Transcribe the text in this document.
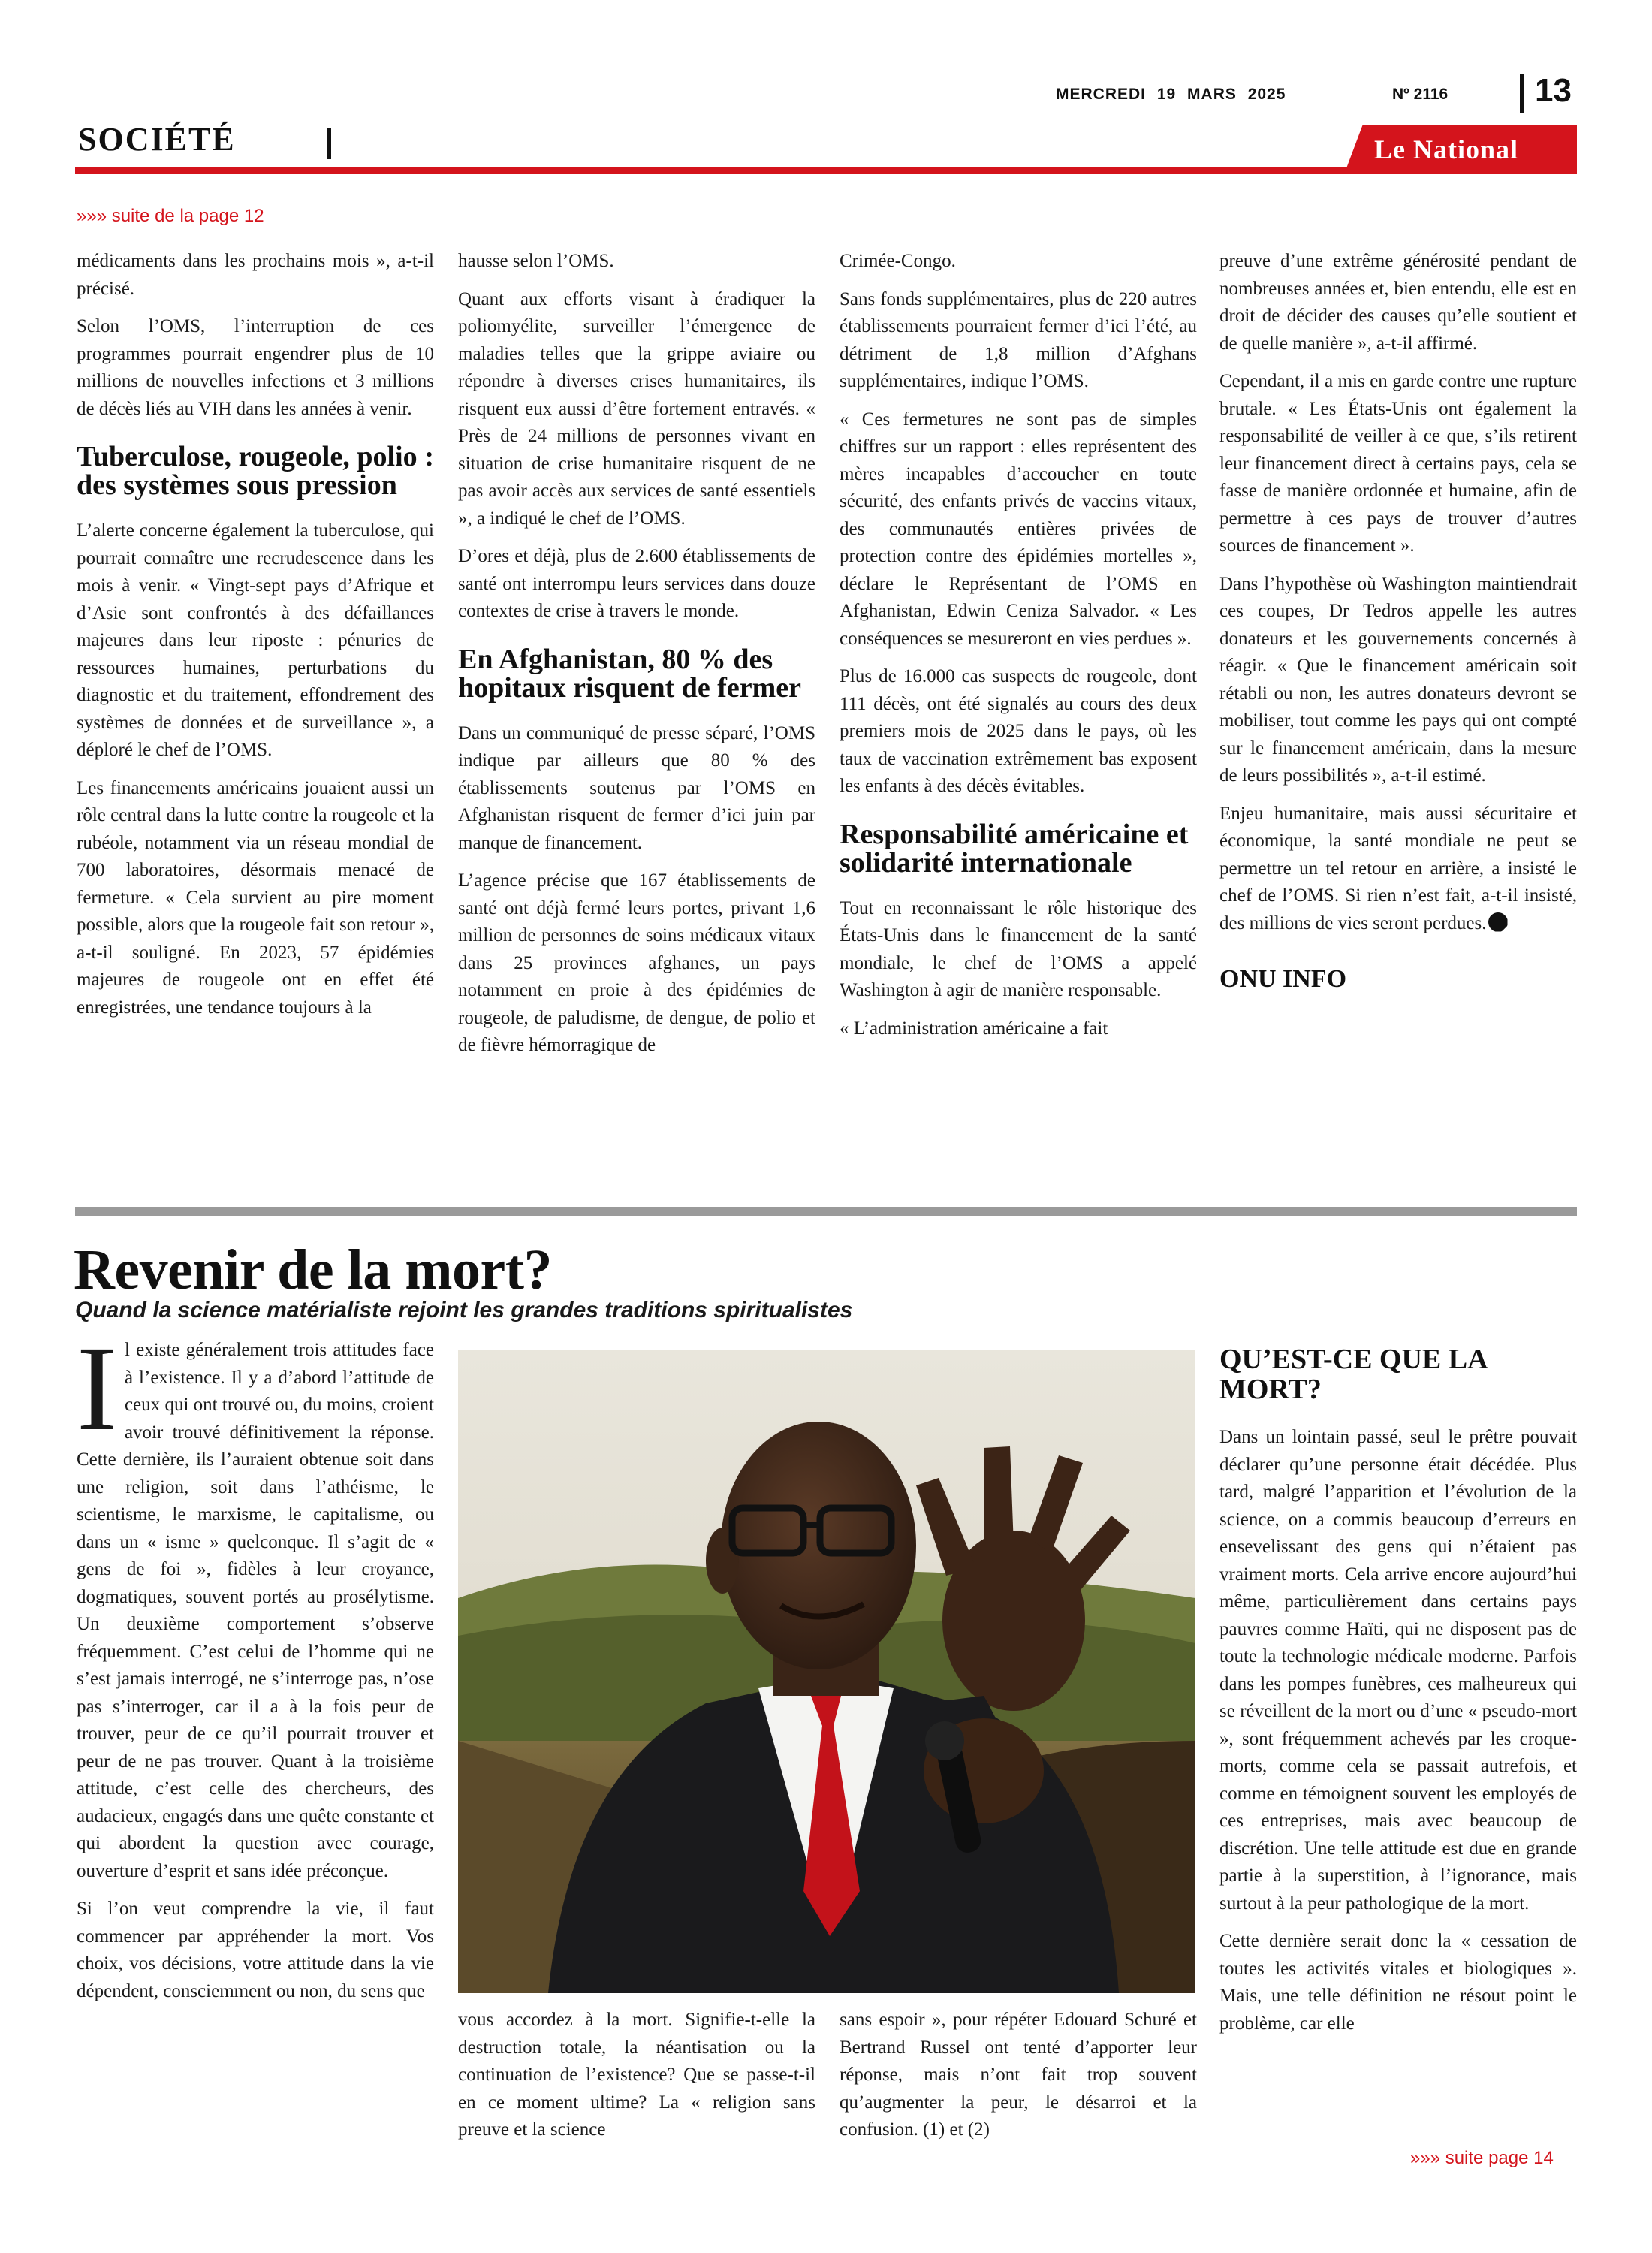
MERCREDI 19 MARS 2025	Nº 2116	13
SOCIÉTÉ	Le National
»»» suite de la page 12

médicaments dans les prochains mois », a-t-il précisé.

Selon l’OMS, l’interruption de ces programmes pourrait engendrer plus de 10 millions de nouvelles infections et 3 millions de décès liés au VIH dans les années à venir.

Tuberculose, rougeole, polio : des systèmes sous pression

L’alerte concerne également la tuberculose, qui pourrait connaître une recrudescence dans les mois à venir. « Vingt-sept pays d’Afrique et d’Asie sont confrontés à des défaillances majeures dans leur riposte : pénuries de ressources humaines, perturbations du diagnostic et du traitement, effondrement des systèmes de données et de surveillance », a déploré le chef de l’OMS.

Les financements américains jouaient aussi un rôle central dans la lutte contre la rougeole et la rubéole, notamment via un réseau mondial de 700 laboratoires, désormais menacé de fermeture. « Cela survient au pire moment possible, alors que la rougeole fait son retour », a-t-il souligné. En 2023, 57 épidémies majeures de rougeole ont en effet été enregistrées, une tendance toujours à la

hausse selon l’OMS.

Quant aux efforts visant à éradiquer la poliomyélite, surveiller l’émergence de maladies telles que la grippe aviaire ou répondre à diverses crises humanitaires, ils risquent eux aussi d’être fortement entravés. « Près de 24 millions de personnes vivant en situation de crise humanitaire risquent de ne pas avoir accès aux services de santé essentiels », a indiqué le chef de l’OMS.

D’ores et déjà, plus de 2.600 établissements de santé ont interrompu leurs services dans douze contextes de crise à travers le monde.

En Afghanistan, 80 % des hopitaux risquent de fermer

Dans un communiqué de presse séparé, l’OMS indique par ailleurs que 80 % des établissements soutenus par l’OMS en Afghanistan risquent de fermer d’ici juin par manque de financement.

L’agence précise que 167 établissements de santé ont déjà fermé leurs portes, privant 1,6 million de personnes de soins médicaux vitaux dans 25 provinces afghanes, un pays notamment en proie à des épidémies de rougeole, de paludisme, de dengue, de polio et de fièvre hémorragique de

Crimée-Congo.

Sans fonds supplémentaires, plus de 220 autres établissements pourraient fermer d’ici l’été, au détriment de 1,8 million d’Afghans supplémentaires, indique l’OMS.

« Ces fermetures ne sont pas de simples chiffres sur un rapport : elles représentent des mères incapables d’accoucher en toute sécurité, des enfants privés de vaccins vitaux, des communautés entières privées de protection contre des épidémies mortelles », déclare le Représentant de l’OMS en Afghanistan, Edwin Ceniza Salvador. « Les conséquences se mesureront en vies perdues ».

Plus de 16.000 cas suspects de rougeole, dont 111 décès, ont été signalés au cours des deux premiers mois de 2025 dans le pays, où les taux de vaccination extrêmement bas exposent les enfants à des décès évitables.

Responsabilité américaine et solidarité internationale

Tout en reconnaissant le rôle historique des États-Unis dans le financement de la santé mondiale, le chef de l’OMS a appelé Washington à agir de manière responsable.

« L’administration américaine a fait

preuve d’une extrême générosité pendant de nombreuses années et, bien entendu, elle est en droit de décider des causes qu’elle soutient et de quelle manière », a-t-il affirmé.

Cependant, il a mis en garde contre une rupture brutale. « Les États-Unis ont également la responsabilité de veiller à ce que, s’ils retirent leur financement direct à certains pays, cela se fasse de manière ordonnée et humaine, afin de permettre à ces pays de trouver d’autres sources de financement ».

Dans l’hypothèse où Washington maintiendrait ces coupes, Dr Tedros appelle les autres donateurs et les gouvernements concernés à réagir. « Que le financement américain soit rétabli ou non, les autres donateurs devront se mobiliser, tout comme les pays qui ont compté sur le financement américain, dans la mesure de leurs possibilités », a-t-il estimé.

Enjeu humanitaire, mais aussi sécuritaire et économique, la santé mondiale ne peut se permettre un tel retour en arrière, a insisté le chef de l’OMS. Si rien n’est fait, a-t-il insisté, des millions de vies seront perdues.

ONU INFO
Revenir de la mort?
Quand la science matérialiste rejoint les grandes traditions spiritualistes

Il existe généralement trois attitudes face à l’existence. Il y a d’abord l’attitude de ceux qui ont trouvé ou, du moins, croient avoir trouvé définitivement la réponse. Cette dernière, ils l’auraient obtenue soit dans une religion, soit dans l’athéisme, le scientisme, le marxisme, le capitalisme, ou dans un « isme » quelconque. Il s’agit de « gens de foi », fidèles à leur croyance, dogmatiques, souvent portés au prosélytisme. Un deuxième comportement s’observe fréquemment. C’est celui de l’homme qui ne s’est jamais interrogé, ne s’interroge pas, n’ose pas s’interroger, car il a à la fois peur de trouver, peur de ce qu’il pourrait trouver et peur de ne pas trouver. Quant à la troisième attitude, c’est celle des chercheurs, des audacieux, engagés dans une quête constante et qui abordent la question avec courage, ouverture d’esprit et sans idée préconçue.

Si l’on veut comprendre la vie, il faut commencer par appréhender la mort. Vos choix, vos décisions, votre attitude dans la vie dépendent, consciemment ou non, du sens que

vous accordez à la mort. Signifie-t-elle la destruction totale, la néantisation ou la continuation de l’existence? Que se passe-t-il en ce moment ultime? La « religion sans preuve et la science

sans espoir », pour répéter Edouard Schuré et Bertrand Russel ont tenté d’apporter leur réponse, mais n’ont fait trop souvent qu’augmenter la peur, le désarroi et la confusion. (1) et (2)

QU’EST-CE QUE LA MORT?

Dans un lointain passé, seul le prêtre pouvait déclarer qu’une personne était décédée. Plus tard, malgré l’apparition et l’évolution de la science, on a commis beaucoup d’erreurs en ensevelissant des gens qui n’étaient pas vraiment morts. Cela arrive encore aujourd’hui même, particulièrement dans certains pays pauvres comme Haïti, qui ne disposent pas de toute la technologie médicale moderne. Parfois dans les pompes funèbres, ces malheureux qui se réveillent de la mort ou d’une « pseudo-mort », sont fréquemment achevés par les croque-morts, comme cela se passait autrefois, et comme en témoignent souvent les employés de ces entreprises, mais avec beaucoup de discrétion. Une telle attitude est due en grande partie à la superstition, à l’ignorance, mais surtout à la peur pathologique de la mort.

Cette dernière serait donc la « cessation de toutes les activités vitales et biologiques ». Mais, une telle définition ne résout point le problème, car elle

»»» suite page 14
